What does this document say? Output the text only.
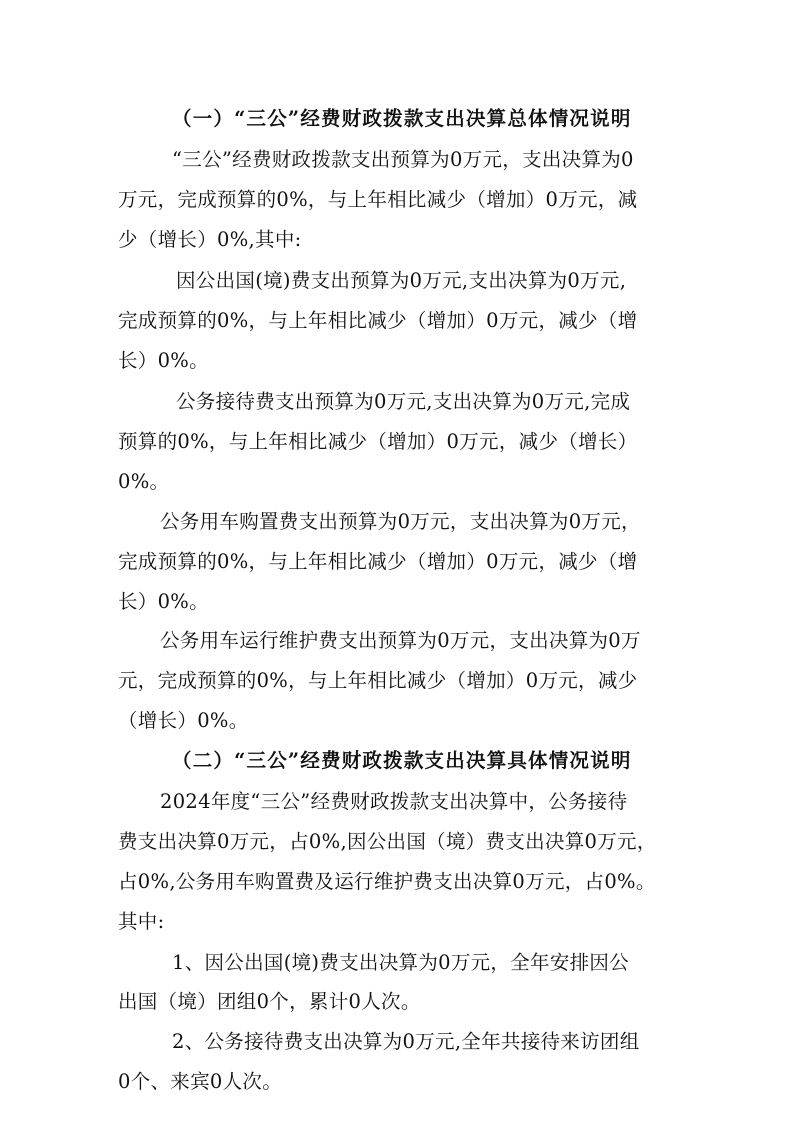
（一）“三公”经费财政拨款支出决算总体情况说明
“三公”经费财政拨款支出预算为0万元，支出决算为0
万元，完成预算的0%，与上年相比减少（增加）0万元，减
少（增长）0%,其中:
因公出国(境)费支出预算为0万元,支出决算为0万元,
完成预算的0%，与上年相比减少（增加）0万元，减少（增
长）0%。
公务接待费支出预算为0万元,支出决算为0万元,完成
预算的0%，与上年相比减少（增加）0万元，减少（增长）
0%。
公务用车购置费支出预算为0万元，支出决算为0万元，
完成预算的0%，与上年相比减少（增加）0万元，减少（增
长）0%。
公务用车运行维护费支出预算为0万元，支出决算为0万
元，完成预算的0%，与上年相比减少（增加）0万元，减少
（增长）0%。
（二）“三公”经费财政拨款支出决算具体情况说明
2024年度“三公”经费财政拨款支出决算中，公务接待
费支出决算0万元，占0%,因公出国（境）费支出决算0万元，
占0%,公务用车购置费及运行维护费支出决算0万元，占0%。
其中:
1、因公出国(境)费支出决算为0万元，全年安排因公
出国（境）团组0个，累计0人次。
2、公务接待费支出决算为0万元,全年共接待来访团组
0个、来宾0人次。
